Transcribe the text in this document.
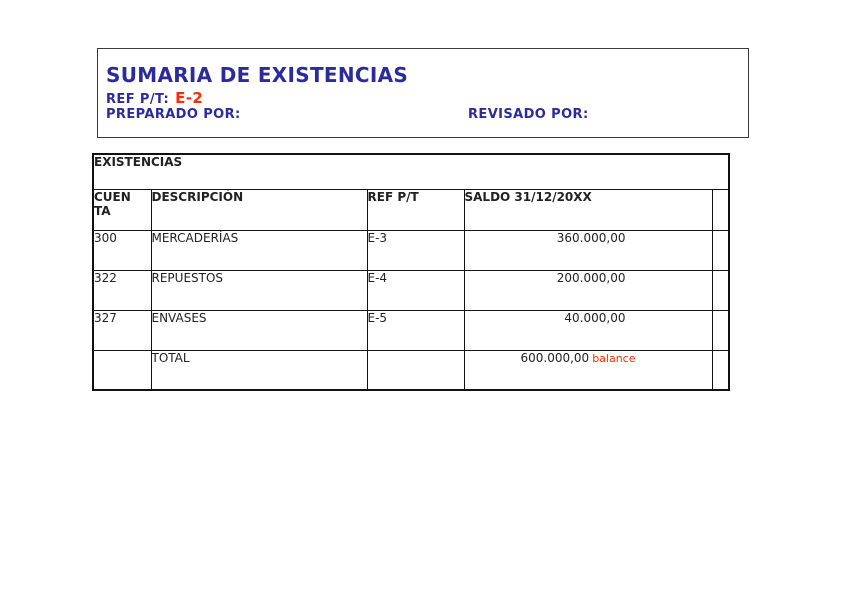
SUMARIA DE EXISTENCIAS
REF P/T: E-2
PREPARADO POR:	REVISADO POR:
EXISTENCIAS				
CUEN TA	DESCRIPCIÓN	REF P/T	SALDO 31/12/20XX	
300	MERCADERÍAS	E-3	360.000,00	
322	REPUESTOS	E-4	200.000,00	
327	ENVASES	E-5	40.000,00	
	TOTAL		600.000,00 balance	
